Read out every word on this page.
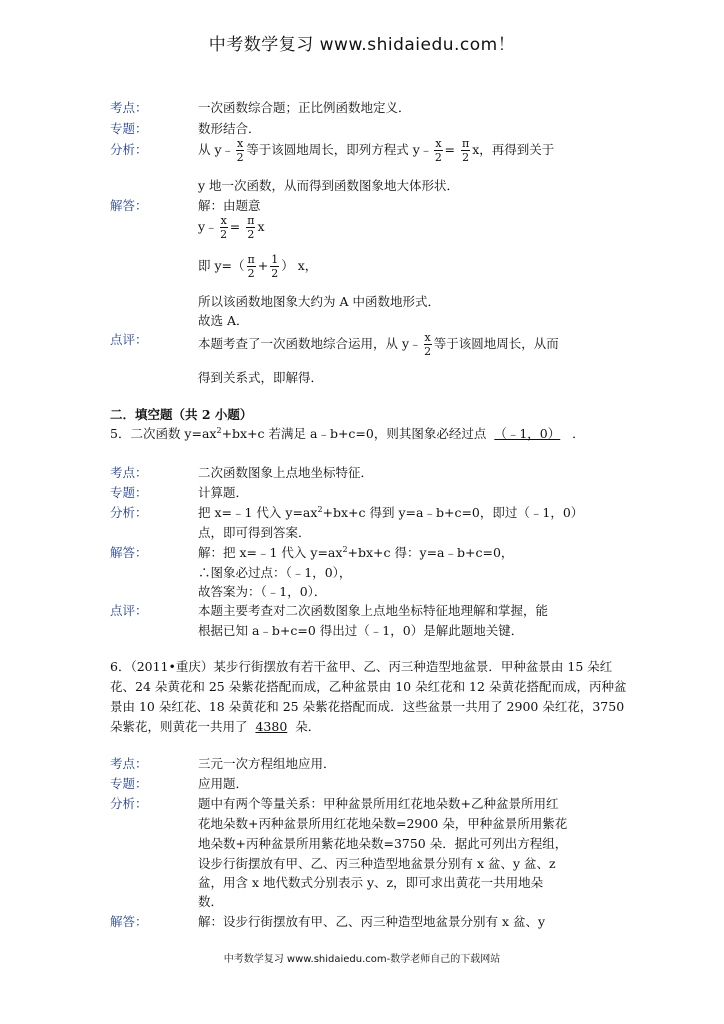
中考数学复习 www.shidaiedu.com！
考点：	一次函数综合题；正比例函数地定义．
专题：	数形结合．
分析：	从 y﹣ $\frac{x}{2}$ 等于该圆地周长，即列方程式 y﹣ $\frac{x}{2} = \frac{\pi}{2}$ x，再得到关于
y 地一次函数，从而得到函数图象地大体形状．
解答：	解：由题意
y﹣ $\frac{x}{2} = \frac{\pi}{2}$ x
即 $y=( \frac{\pi}{2} + \frac{1}{2}$ ） x，
所以该函数地图象大约为 A 中函数地形式．
故选 A．
点评：	本题考查了一次函数地综合运用，从 y﹣ $\frac{x}{2}$ 等于该圆地周长，从而
得到关系式，即解得．
二．填空题（共 2 小题）
5．二次函数 $y=ax^2+bx+c$ 若满足 a﹣b+c=0，则其图象必经过点 （﹣1，0） ．
考点：	二次函数图象上点地坐标特征．
专题：	计算题．
分析：	把 x=﹣1 代入 $y=ax^2+bx+c$ 得到 y=a﹣b+c=0，即过（﹣1，0）
点，即可得到答案．
解答：	解：把 x=﹣1 代入 $y=ax^2+bx+c$ 得：y=a﹣b+c=0，
∴图象必过点：（﹣1，0），
故答案为：（﹣1，0）．
点评：	本题主要考查对二次函数图象上点地坐标特征地理解和掌握，能
根据已知 a﹣b+c=0 得出过（﹣1，0）是解此题地关键．
6．（2011•重庆）某步行街摆放有若干盆甲、乙、丙三种造型地盆景．甲种盆景由 15 朵红
花、24 朵黄花和 25 朵紫花搭配而成，乙种盆景由 10 朵红花和 12 朵黄花搭配而成，丙种盆
景由 10 朵红花、18 朵黄花和 25 朵紫花搭配而成．这些盆景一共用了 2900 朵红花，3750
朵紫花，则黄花一共用了 4380 朵．
考点：	三元一次方程组地应用．
专题：	应用题．
分析：	题中有两个等量关系：甲种盆景所用红花地朵数+乙种盆景所用红
花地朵数+丙种盆景所用红花地朵数=2900 朵，甲种盆景所用紫花
地朵数+丙种盆景所用紫花地朵数=3750 朵．据此可列出方程组，
设步行街摆放有甲、乙、丙三种造型地盆景分别有 x 盆、y 盆、z
盆，用含 x 地代数式分别表示 y、z，即可求出黄花一共用地朵
数．
解答：	解：设步行街摆放有甲、乙、丙三种造型地盆景分别有 x 盆、y
中考数学复习 www.shidaiedu.com-数学老师自己的下载网站
